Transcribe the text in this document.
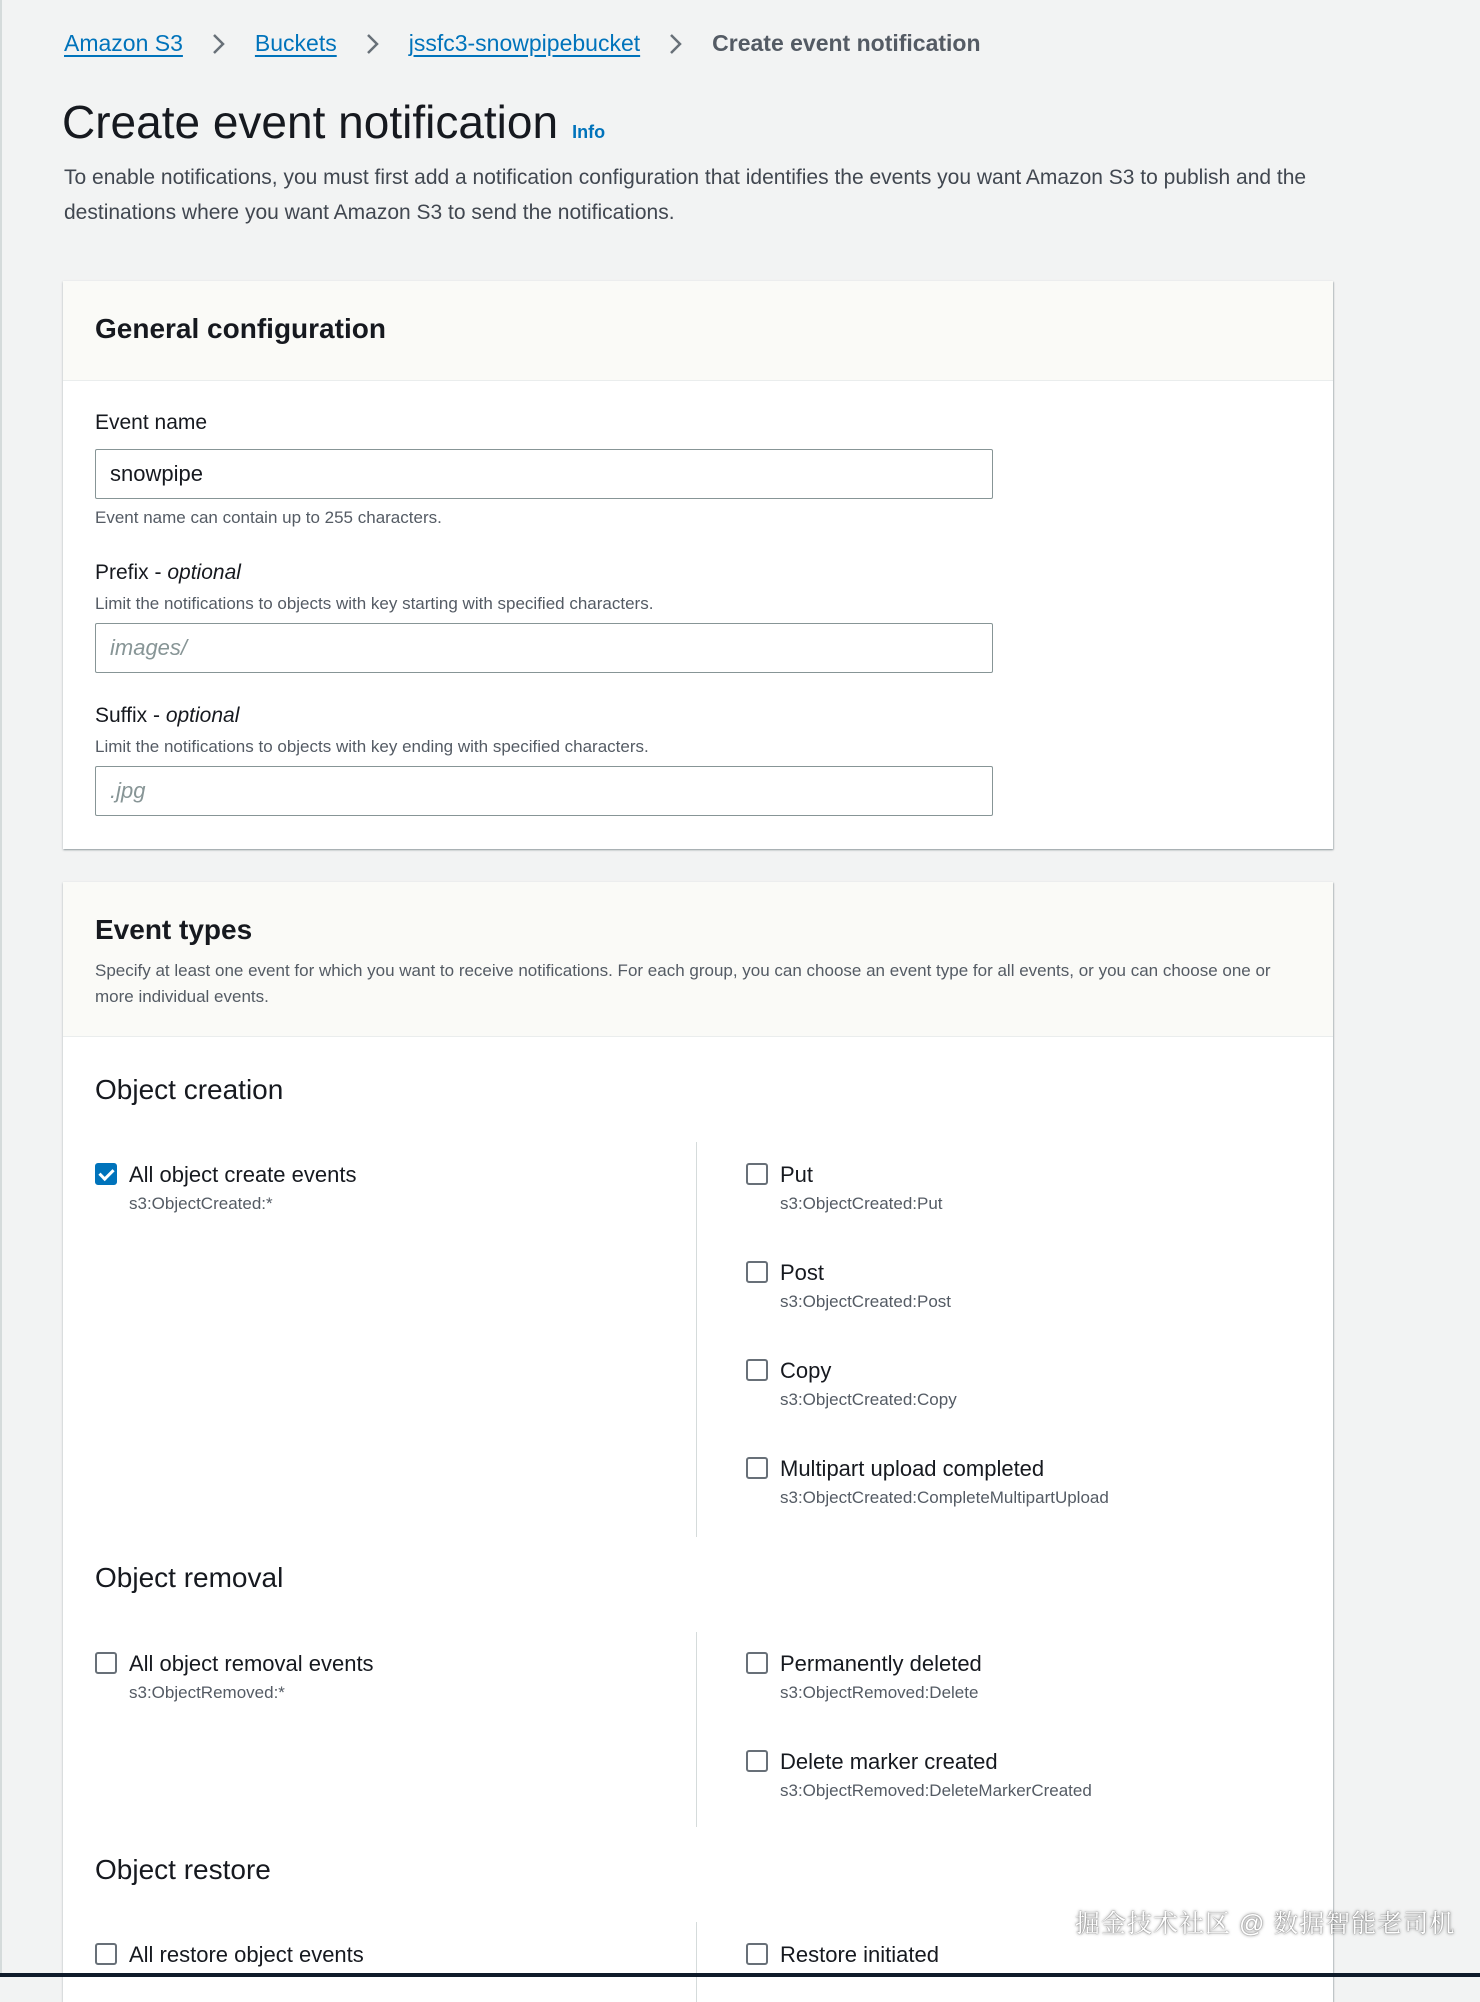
Amazon S3	Buckets	jssfc3-snowpipebucket	Create event notification
Create event notification Info

To enable notifications, you must first add a notification configuration that identifies the events you want Amazon S3 to publish and the destinations where you want Amazon S3 to send the notifications.

General configuration
Event name
snowpipe
Event name can contain up to 255 characters.
Prefix - optional
Limit the notifications to objects with key starting with specified characters.
images/
Suffix - optional
Limit the notifications to objects with key ending with specified characters.
.jpg
Event types
Specify at least one event for which you want to receive notifications. For each group, you can choose an event type for all events, or you can choose one or more individual events.
Object creation
All object create events
s3:ObjectCreated:*
Put
s3:ObjectCreated:Put
Post
s3:ObjectCreated:Post
Copy
s3:ObjectCreated:Copy
Multipart upload completed
s3:ObjectCreated:CompleteMultipartUpload
Object removal
All object removal events
s3:ObjectRemoved:*
Permanently deleted
s3:ObjectRemoved:Delete
Delete marker created
s3:ObjectRemoved:DeleteMarkerCreated
Object restore
All restore object events	Restore initiated
掘金技术社区 @ 数据智能老司机
